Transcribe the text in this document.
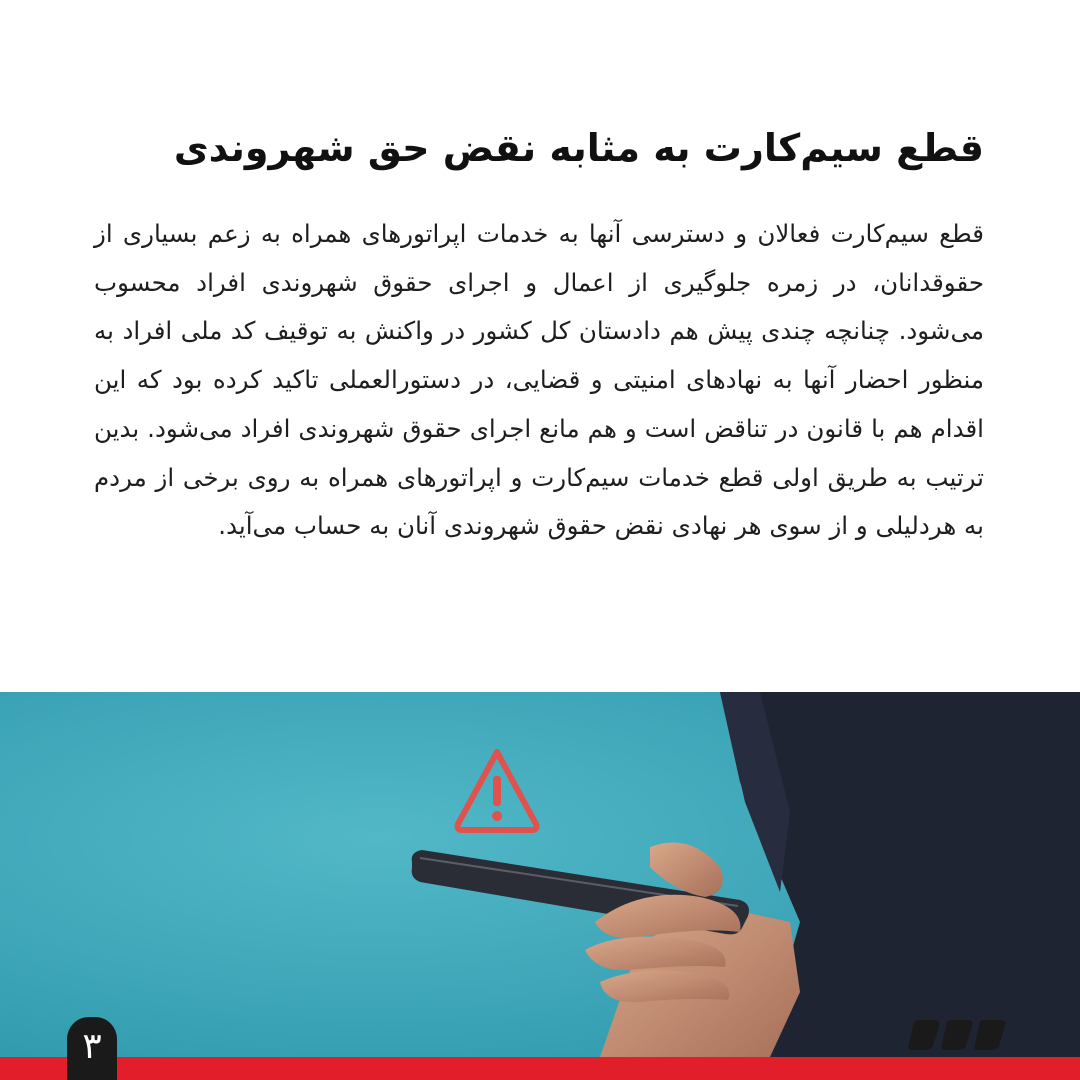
قطع سیم‌کارت به مثابه نقض حق شهروندی

قطع سیم‌کارت فعالان و دسترسی آنها به خدمات اپراتورهای همراه به زعم بسیاری از حقوقدانان، در زمره جلوگیری از اعمال و اجرای حقوق شهروندی افراد محسوب می‌شود. چنانچه چندی پیش هم دادستان کل کشور در واکنش به توقیف کد ملی افراد به منظور احضار آنها به نهادهای امنیتی و قضایی، در دستورالعملی تاکید کرده بود که این اقدام هم با قانون در تناقض است و هم مانع اجرای حقوق شهروندی افراد می‌شود. بدین ترتیب به طریق اولی قطع خدمات سیم‌کارت و اپراتورهای همراه به روی برخی از مردم به هردلیلی و از سوی هر نهادی نقض حقوق شهروندی آنان به حساب می‌آید.

۳
